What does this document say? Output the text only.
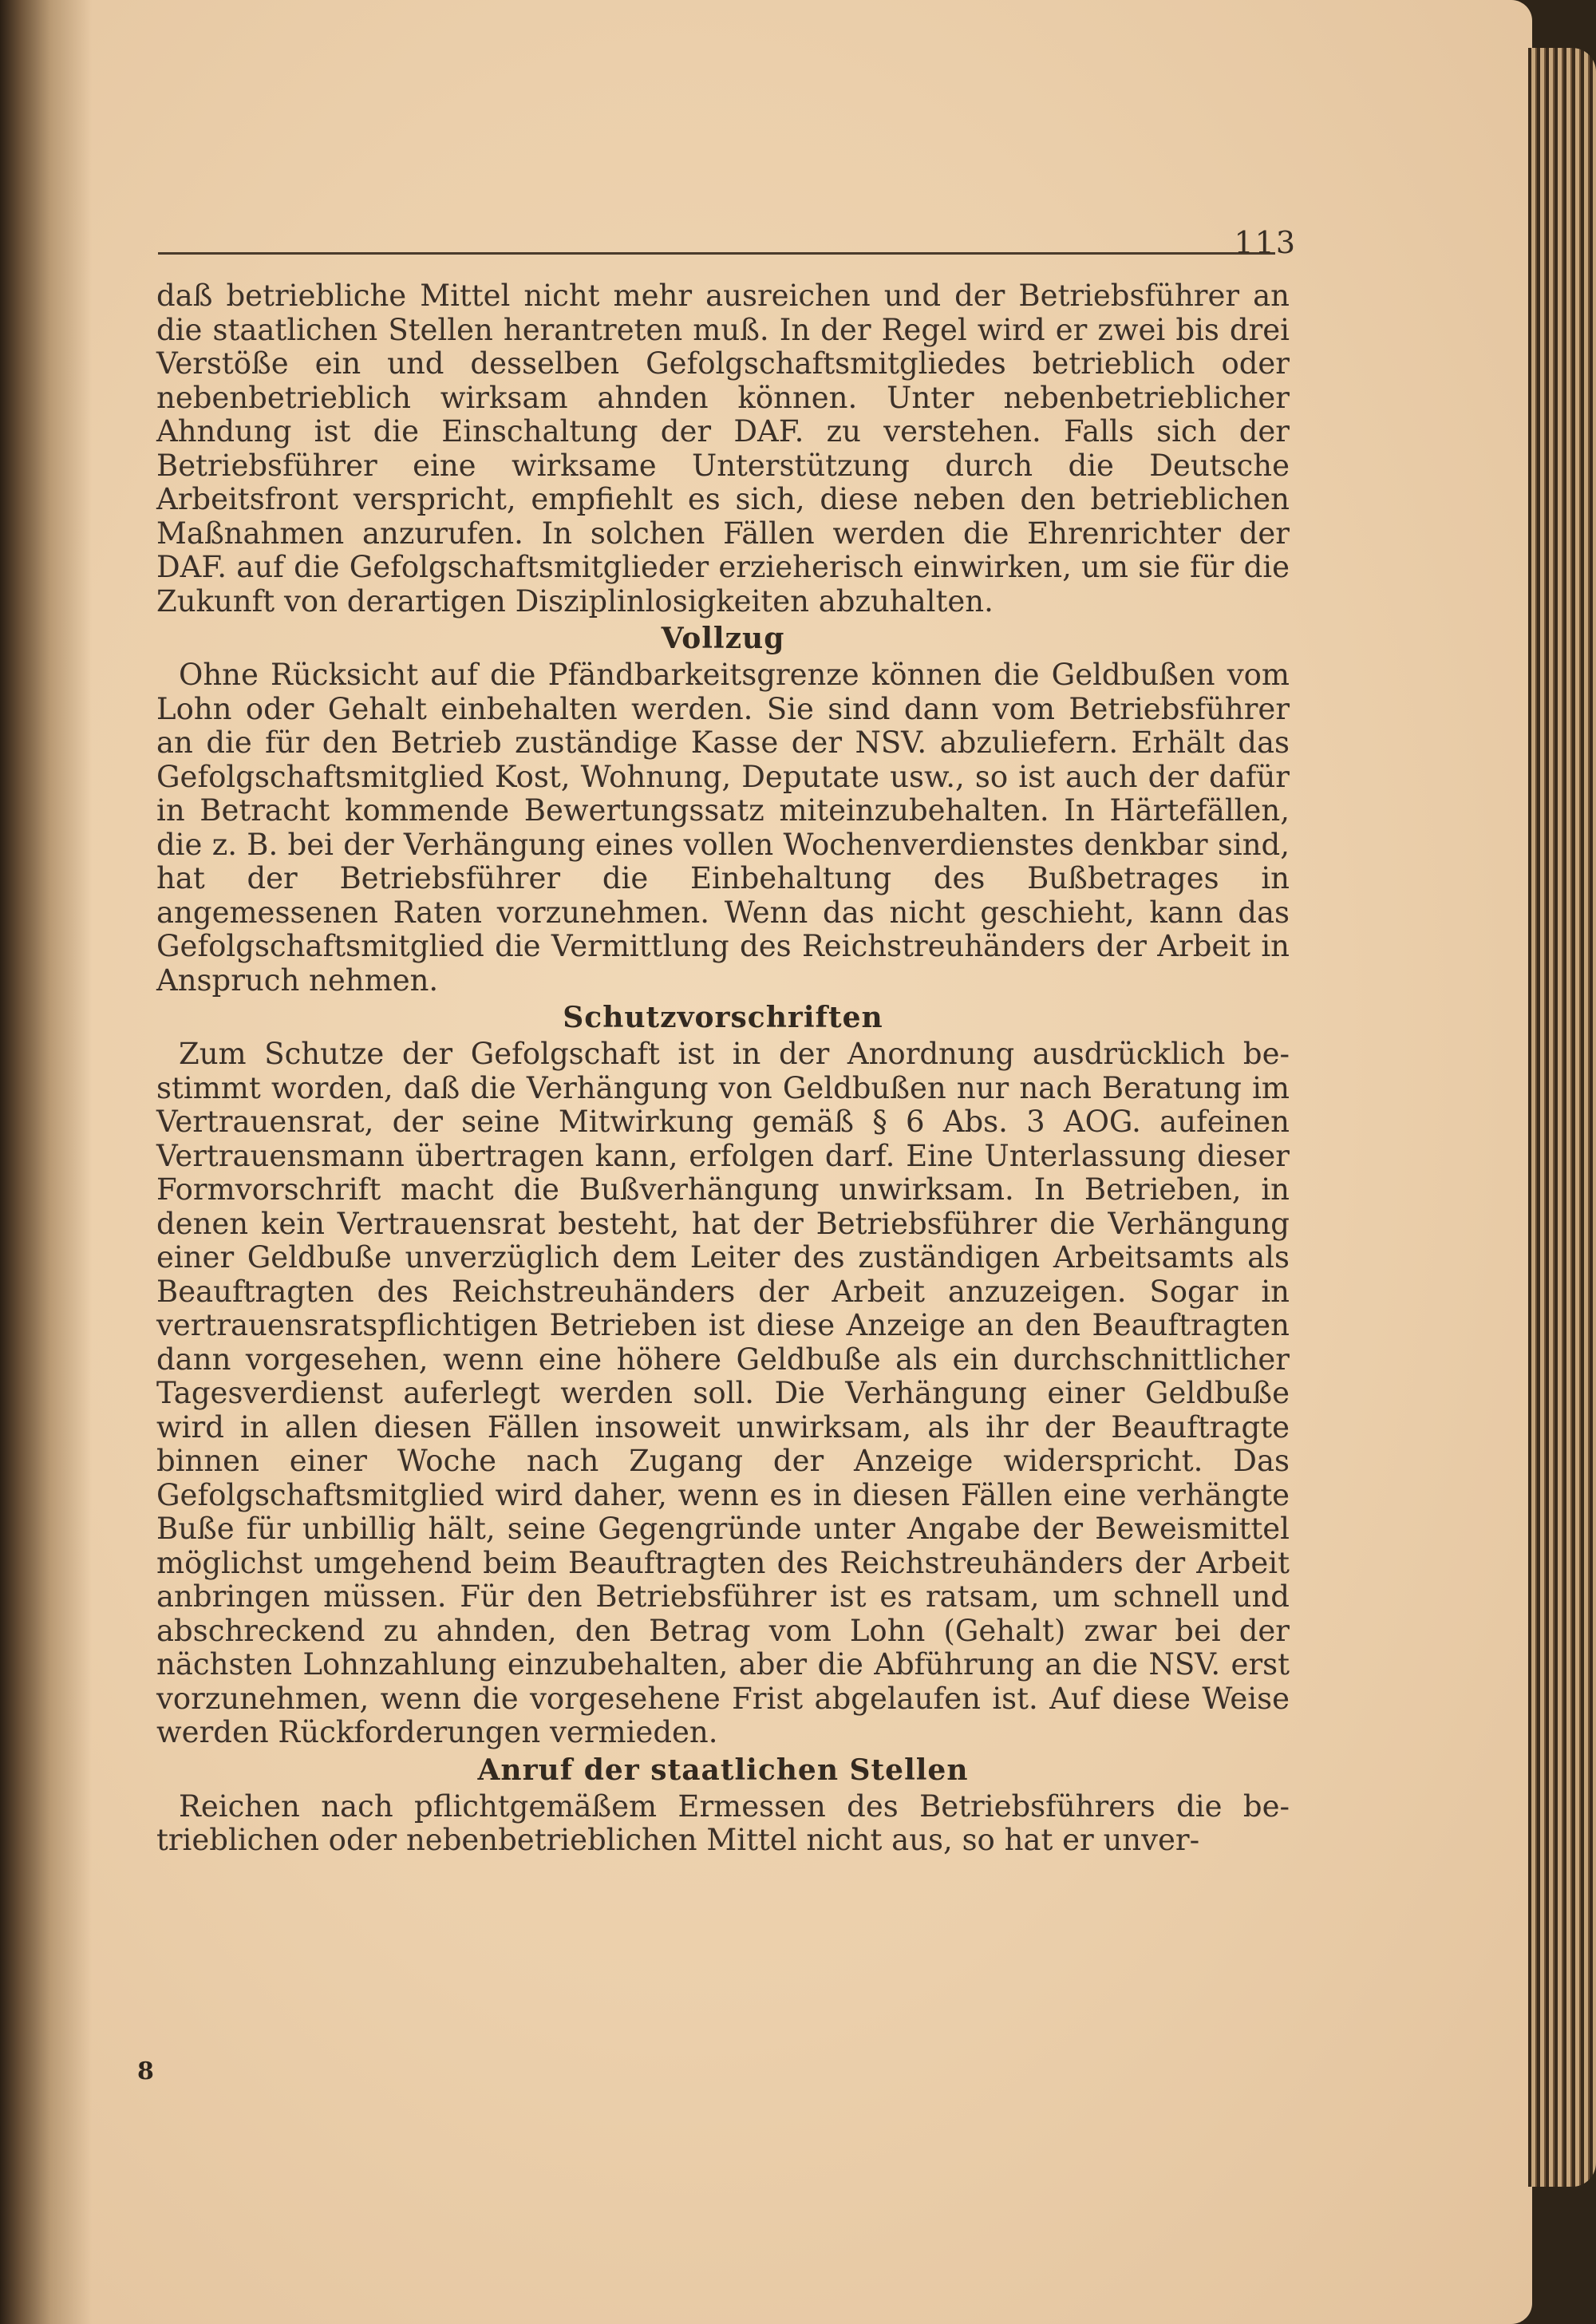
113

daß betriebliche Mittel nicht mehr ausreichen und der Betriebsführer an die staatlichen Stellen herantreten muß. In der Regel wird er zwei bis drei Verstöße ein und desselben Gefolgschaftsmitgliedes betrieblich oder nebenbetrieblich wirksam ahnden können. Unter nebenbetrieblicher Ahndung ist die Einschaltung der DAF. zu verstehen. Falls sich der Betriebsführer eine wirksame Unterstützung durch die Deutsche Arbeitsfront verspricht, empfiehlt es sich, diese neben den betrieblichen Maßnahmen anzurufen. In solchen Fällen werden die Ehrenrichter der DAF. auf die Gefolgschaftsmitglieder erzieherisch einwirken, um sie für die Zukunft von derartigen Disziplinlosigkeiten abzuhalten.

Vollzug

Ohne Rücksicht auf die Pfändbarkeitsgrenze können die Geldbußen vom Lohn oder Gehalt einbehalten werden. Sie sind dann vom Betriebsführer an die für den Betrieb zuständige Kasse der NSV. abzuliefern. Erhält das Gefolgschaftsmitglied Kost, Wohnung, Deputate usw., so ist auch der dafür in Betracht kommende Bewertungssatz miteinzubehalten. In Härtefällen, die z. B. bei der Verhängung eines vollen Wochenverdienstes denkbar sind, hat der Betriebsführer die Einbehaltung des Bußbetrages in angemessenen Raten vorzunehmen. Wenn das nicht geschieht, kann das Gefolgschaftsmitglied die Vermittlung des Reichstreuhänders der Arbeit in Anspruch nehmen.

Schutzvorschriften

Zum Schutze der Gefolgschaft ist in der Anordnung ausdrücklich bestimmt worden, daß die Verhängung von Geldbußen nur nach Beratung im Vertrauensrat, der seine Mitwirkung gemäß § 6 Abs. 3 AOG. aufeinen Vertrauensmann übertragen kann, erfolgen darf. Eine Unterlassung dieser Formvorschrift macht die Bußverhängung unwirksam. In Betrieben, in denen kein Vertrauensrat besteht, hat der Betriebsführer die Verhängung einer Geldbuße unverzüglich dem Leiter des zuständigen Arbeitsamts als Beauftragten des Reichstreuhänders der Arbeit anzuzeigen. Sogar in vertrauensratspflichtigen Betrieben ist diese Anzeige an den Beauftragten dann vorgesehen, wenn eine höhere Geldbuße als ein durchschnittlicher Tagesverdienst auferlegt werden soll. Die Verhängung einer Geldbuße wird in allen diesen Fällen insoweit unwirksam, als ihr der Beauftragte binnen einer Woche nach Zugang der Anzeige widerspricht. Das Gefolgschaftsmitglied wird daher, wenn es in diesen Fällen eine verhängte Buße für unbillig hält, seine Gegengründe unter Angabe der Beweismittel möglichst umgehend beim Beauftragten des Reichstreuhänders der Arbeit anbringen müssen. Für den Betriebsführer ist es ratsam, um schnell und abschreckend zu ahnden, den Betrag vom Lohn (Gehalt) zwar bei der nächsten Lohnzahlung einzubehalten, aber die Abführung an die NSV. erst vorzunehmen, wenn die vorgesehene Frist abgelaufen ist. Auf diese Weise werden Rückforderungen vermieden.

Anruf der staatlichen Stellen

Reichen nach pflichtgemäßem Ermessen des Betriebsführers die betrieblichen oder nebenbetrieblichen Mittel nicht aus, so hat er unver-

8
